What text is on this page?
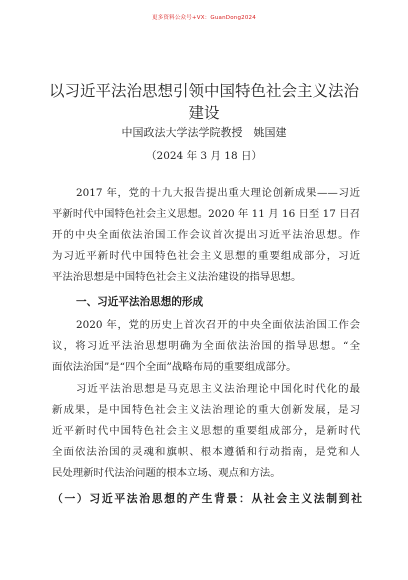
更多资料公众号+VX：GuanDong2024
以习近平法治思想引领中国特色社会主义法治
建设
中国政法大学法学院教授　姚国建
（2024 年 3 月 18 日）
2017 年，党的十九大报告提出重大理论创新成果——习近
平新时代中国特色社会主义思想。2020 年 11 月 16 日至 17 日召
开的中央全面依法治国工作会议首次提出习近平法治思想。作
为习近平新时代中国特色社会主义思想的重要组成部分，习近
平法治思想是中国特色社会主义法治建设的指导思想。
一、习近平法治思想的形成
2020 年，党的历史上首次召开的中央全面依法治国工作会
议，将习近平法治思想明确为全面依法治国的指导思想。“全
面依法治国”是“四个全面”战略布局的重要组成部分。
习近平法治思想是马克思主义法治理论中国化时代化的最
新成果，是中国特色社会主义法治理论的重大创新发展，是习
近平新时代中国特色社会主义思想的重要组成部分，是新时代
全面依法治国的灵魂和旗帜、根本遵循和行动指南，是党和人
民处理新时代法治问题的根本立场、观点和方法。
（一）习近平法治思想的产生背景：从社会主义法制到社
